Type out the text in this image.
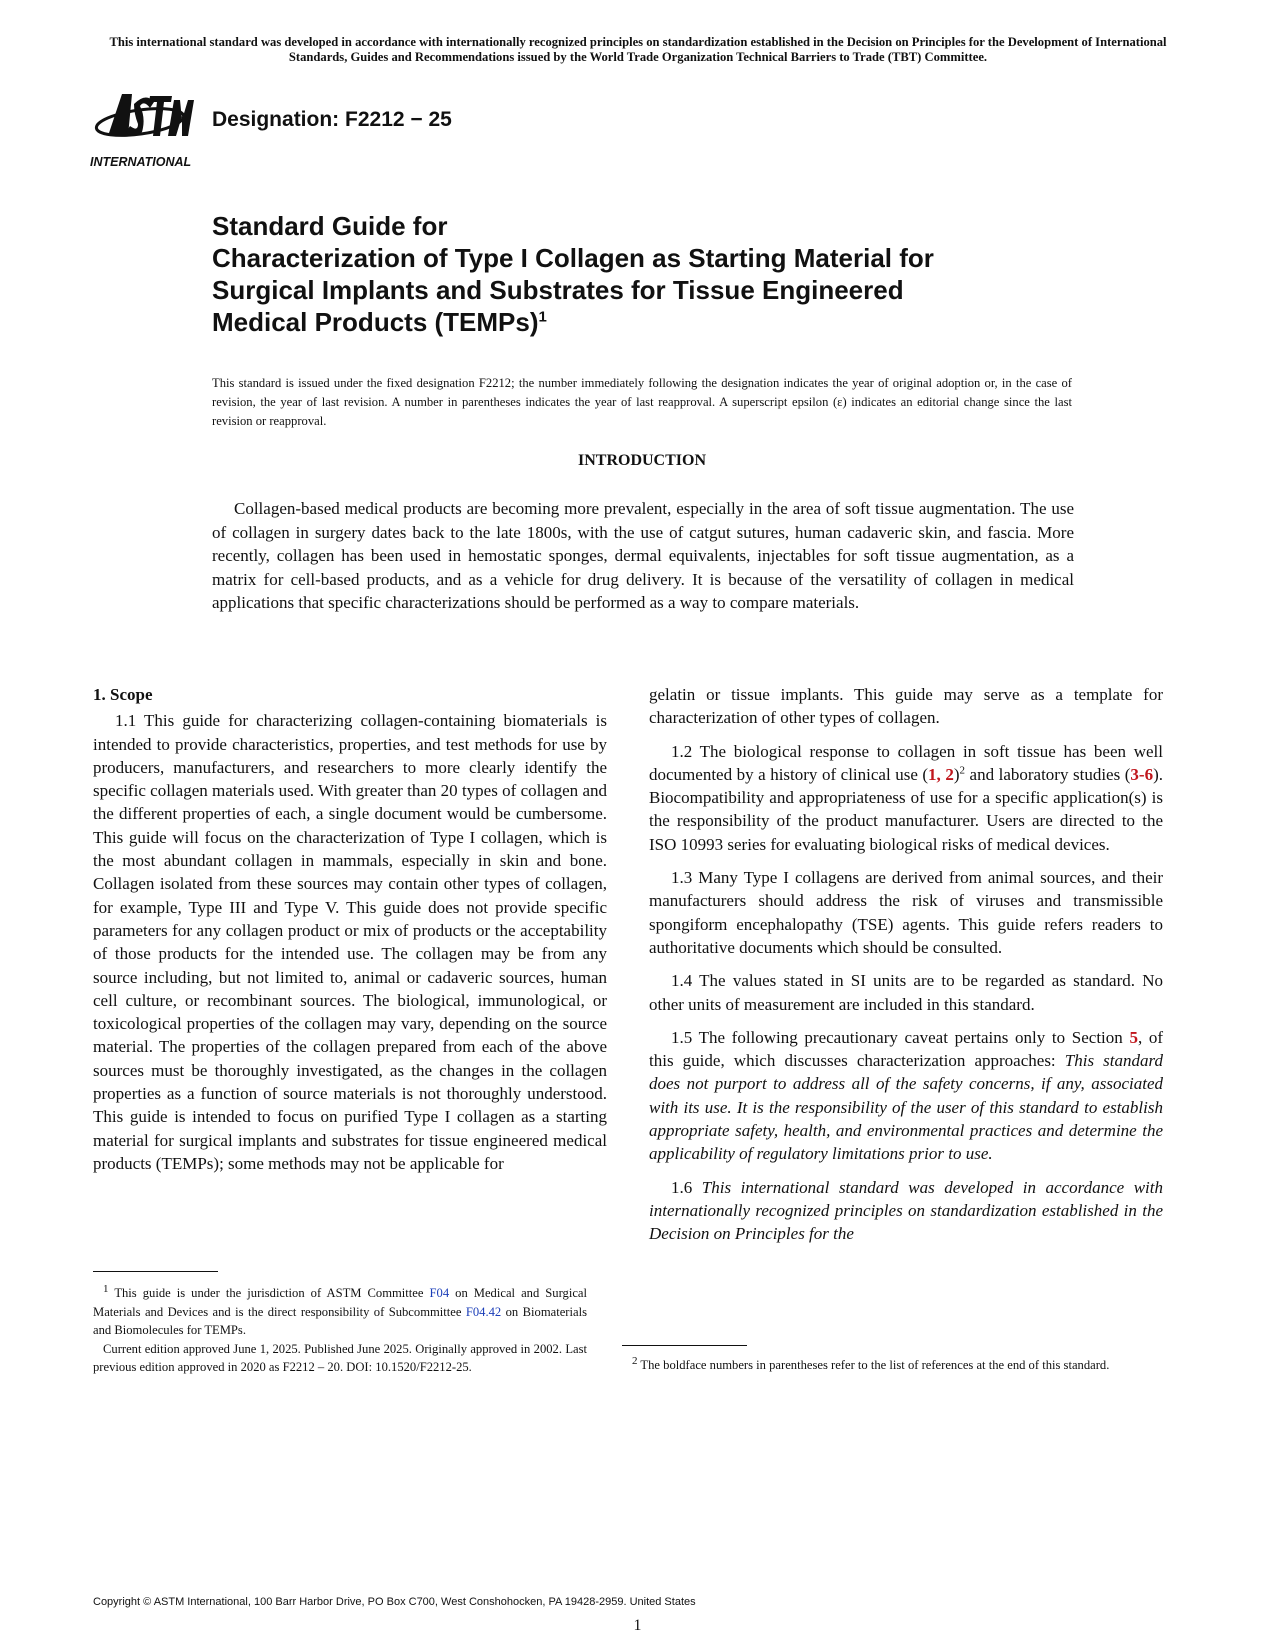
This international standard was developed in accordance with internationally recognized principles on standardization established in the Decision on Principles for the Development of International Standards, Guides and Recommendations issued by the World Trade Organization Technical Barriers to Trade (TBT) Committee.
INTERNATIONAL
Designation: F2212 − 25
Standard Guide for
Characterization of Type I Collagen as Starting Material for
Surgical Implants and Substrates for Tissue Engineered
Medical Products (TEMPs)$^1$
This standard is issued under the fixed designation F2212; the number immediately following the designation indicates the year of original adoption or, in the case of revision, the year of last revision. A number in parentheses indicates the year of last reapproval. A superscript epsilon (ε) indicates an editorial change since the last revision or reapproval.
INTRODUCTION
Collagen-based medical products are becoming more prevalent, especially in the area of soft tissue augmentation. The use of collagen in surgery dates back to the late 1800s, with the use of catgut sutures, human cadaveric skin, and fascia. More recently, collagen has been used in hemostatic sponges, dermal equivalents, injectables for soft tissue augmentation, as a matrix for cell-based products, and as a vehicle for drug delivery. It is because of the versatility of collagen in medical applications that specific characterizations should be performed as a way to compare materials.

1. Scope

1.1 This guide for characterizing collagen-containing biomaterials is intended to provide characteristics, properties, and test methods for use by producers, manufacturers, and researchers to more clearly identify the specific collagen materials used. With greater than 20 types of collagen and the different properties of each, a single document would be cumbersome. This guide will focus on the characterization of Type I collagen, which is the most abundant collagen in mammals, especially in skin and bone. Collagen isolated from these sources may contain other types of collagen, for example, Type III and Type V. This guide does not provide specific parameters for any collagen product or mix of products or the acceptability of those products for the intended use. The collagen may be from any source including, but not limited to, animal or cadaveric sources, human cell culture, or recombinant sources. The biological, immunological, or toxicological properties of the collagen may vary, depending on the source material. The properties of the collagen prepared from each of the above sources must be thoroughly investigated, as the changes in the collagen properties as a function of source materials is not thoroughly understood. This guide is intended to focus on purified Type I collagen as a starting material for surgical implants and substrates for tissue engineered medical products (TEMPs); some methods may not be applicable for

gelatin or tissue implants. This guide may serve as a template for characterization of other types of collagen.

1.2 The biological response to collagen in soft tissue has been well documented by a history of clinical use (1, 2)$^2$ and laboratory studies (3-6). Biocompatibility and appropriateness of use for a specific application(s) is the responsibility of the product manufacturer. Users are directed to the ISO 10993 series for evaluating biological risks of medical devices.

1.3 Many Type I collagens are derived from animal sources, and their manufacturers should address the risk of viruses and transmissible spongiform encephalopathy (TSE) agents. This guide refers readers to authoritative documents which should be consulted.

1.4 The values stated in SI units are to be regarded as standard. No other units of measurement are included in this standard.

1.5 The following precautionary caveat pertains only to Section 5, of this guide, which discusses characterization approaches: This standard does not purport to address all of the safety concerns, if any, associated with its use. It is the responsibility of the user of this standard to establish appropriate safety, health, and environmental practices and determine the applicability of regulatory limitations prior to use.

1.6 This international standard was developed in accordance with internationally recognized principles on standardization established in the Decision on Principles for the

$^1$ This guide is under the jurisdiction of ASTM Committee F04 on Medical and Surgical Materials and Devices and is the direct responsibility of Subcommittee F04.42 on Biomaterials and Biomolecules for TEMPs.

Current edition approved June 1, 2025. Published June 2025. Originally approved in 2002. Last previous edition approved in 2020 as F2212 – 20. DOI: 10.1520/F2212-25.	$^2$ The boldface numbers in parentheses refer to the list of references at the end of this standard.

Copyright © ASTM International, 100 Barr Harbor Drive, PO Box C700, West Conshohocken, PA 19428-2959. United States
1
